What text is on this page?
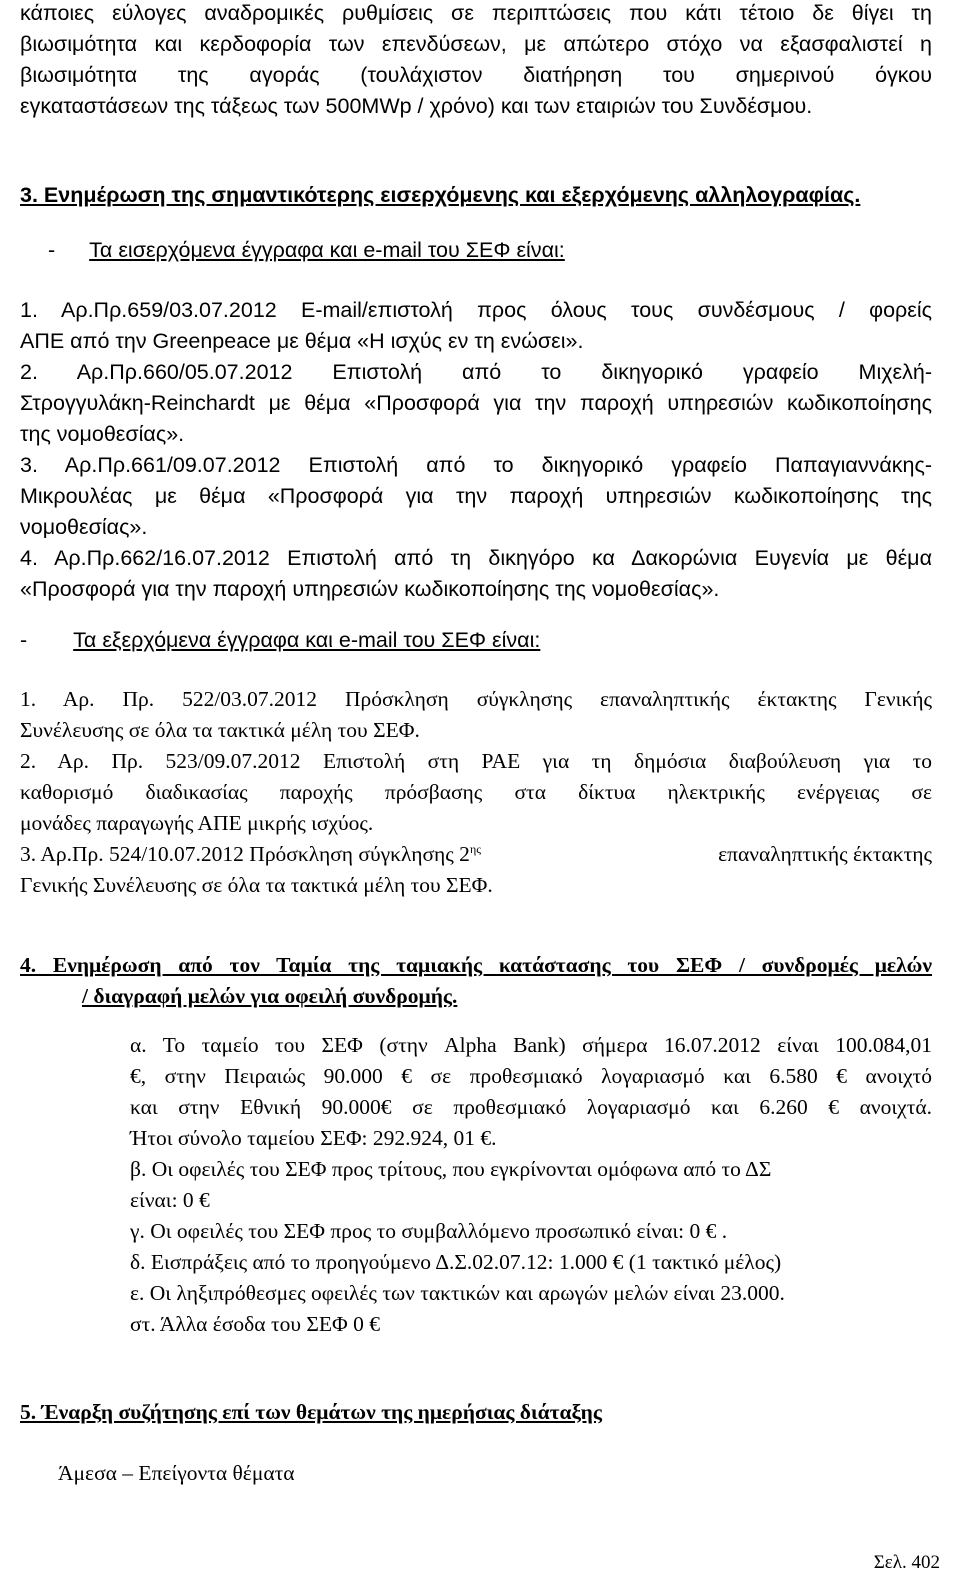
κάποιες εύλογες αναδρομικές ρυθμίσεις σε περιπτώσεις που κάτι τέτοιο δε θίγει τη
βιωσιμότητα και κερδοφορία των επενδύσεων, με απώτερο στόχο να εξασφαλιστεί η
βιωσιμότητα της αγοράς (τουλάχιστον διατήρηση του σημερινού όγκου
εγκαταστάσεων της τάξεως των 500MWp / χρόνο) και των εταιριών του Συνδέσμου.
3. Ενημέρωση της σημαντικότερης εισερχόμενης και εξερχόμενης αλληλογραφίας.
- Τα εισερχόμενα έγγραφα και e-mail του ΣΕΦ είναι:
1. Αρ.Πρ.659/03.07.2012 E-mail/επιστολή προς όλους τους συνδέσμους / φορείς
ΑΠΕ από την Greenpeace με θέμα «Η ισχύς εν τη ενώσει».
2. Αρ.Πρ.660/05.07.2012 Επιστολή από το δικηγορικό γραφείο Μιχελή-
Στρογγυλάκη-Reinchardt με θέμα «Προσφορά για την παροχή υπηρεσιών κωδικοποίησης
της νομοθεσίας».
3. Αρ.Πρ.661/09.07.2012 Επιστολή από το δικηγορικό γραφείο Παπαγιαννάκης-
Μικρουλέας με θέμα «Προσφορά για την παροχή υπηρεσιών κωδικοποίησης της
νομοθεσίας».
4. Αρ.Πρ.662/16.07.2012 Επιστολή από τη δικηγόρο κα Δακορώνια Ευγενία με θέμα
«Προσφορά για την παροχή υπηρεσιών κωδικοποίησης της νομοθεσίας».
- Τα εξερχόμενα έγγραφα και e-mail του ΣΕΦ είναι:
1. Αρ. Πρ. 522/03.07.2012 Πρόσκληση σύγκλησης επαναληπτικής έκτακτης Γενικής
Συνέλευσης σε όλα τα τακτικά μέλη του ΣΕΦ.
2. Αρ. Πρ. 523/09.07.2012 Επιστολή στη ΡΑΕ για τη δημόσια διαβούλευση για το
καθορισμό διαδικασίας παροχής πρόσβασης στα δίκτυα ηλεκτρικής ενέργειας σε
μονάδες παραγωγής ΑΠΕ μικρής ισχύος.
3. Αρ.Πρ. 524/10.07.2012 Πρόσκληση σύγκλησης $2^{\eta\varsigma}$	επαναληπτικής έκτακτης
Γενικής Συνέλευσης σε όλα τα τακτικά μέλη του ΣΕΦ.
4. Ενημέρωση από τον Ταμία της ταμιακής κατάστασης του ΣΕΦ / συνδρομές μελών
/ διαγραφή μελών για οφειλή συνδρομής.
α. Το ταμείο του ΣΕΦ (στην Alpha Bank) σήμερα 16.07.2012 είναι 100.084,01
€, στην Πειραιώς 90.000 € σε προθεσμιακό λογαριασμό και 6.580 € ανοιχτό
και στην Εθνική 90.000€ σε προθεσμιακό λογαριασμό και 6.260 € ανοιχτά.
Ήτοι σύνολο ταμείου ΣΕΦ: 292.924, 01 €.
β. Οι οφειλές του ΣΕΦ προς τρίτους, που εγκρίνονται ομόφωνα από το ΔΣ
είναι: 0 €
γ. Οι οφειλές του ΣΕΦ προς το συμβαλλόμενο προσωπικό είναι: 0 € .
δ. Εισπράξεις από το προηγούμενο Δ.Σ.02.07.12: 1.000 € (1 τακτικό μέλος)
ε. Οι ληξιπρόθεσμες οφειλές των τακτικών και αρωγών μελών είναι 23.000.
στ. Άλλα έσοδα του ΣΕΦ 0 €
5. Έναρξη συζήτησης επί των θεμάτων της ημερήσιας διάταξης
Άμεσα – Επείγοντα θέματα
Σελ. 402
